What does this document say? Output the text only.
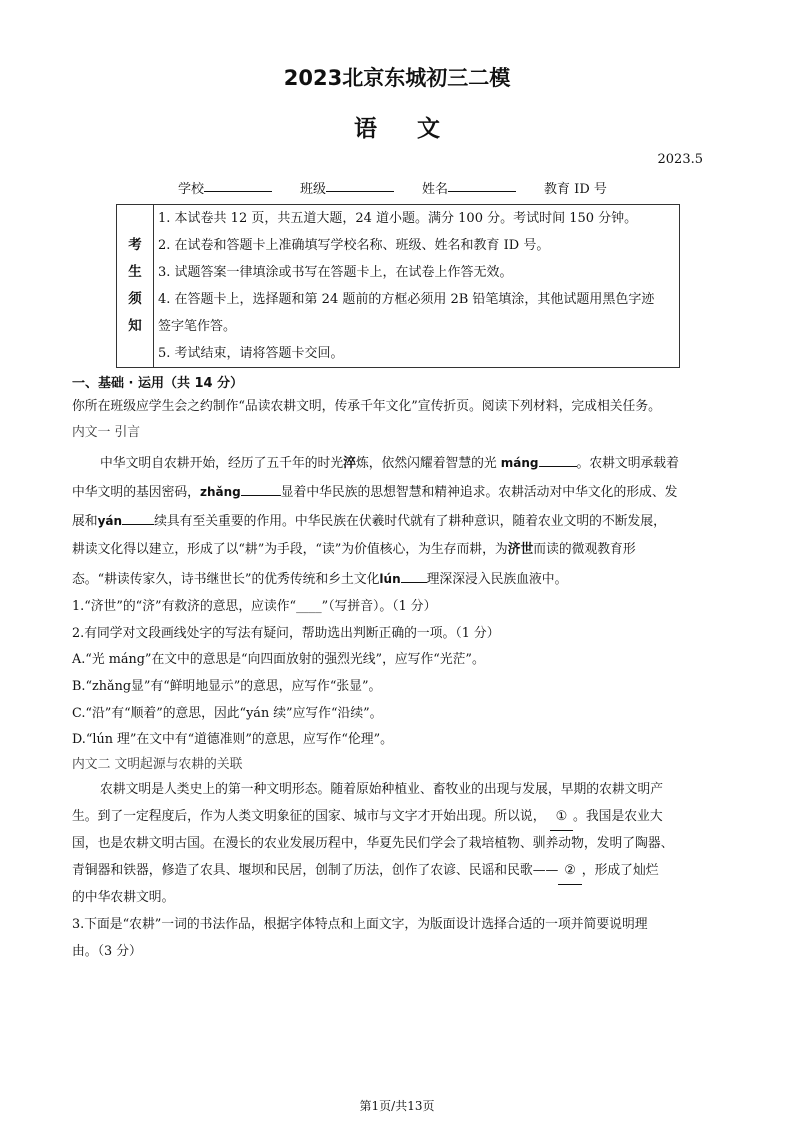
2023北京东城初三二模
语文
2023.5
学校	班级	姓名	教育 ID 号
考
生
须
知

1. 本试卷共 12 页，共五道大题，24 道小题。满分 100 分。考试时间 150 分钟。

2. 在试卷和答题卡上准确填写学校名称、班级、姓名和教育 ID 号。

3. 试题答案一律填涂或书写在答题卡上，在试卷上作答无效。

4. 在答题卡上，选择题和第 24 题前的方框必须用 2B 铅笔填涂，其他试题用黑色字迹

签字笔作答。

5. 考试结束，请将答题卡交回。
一、基础 · 运用（共 14 分）
你所在班级应学生会之约制作“品读农耕文明，传承千年文化”宣传折页。阅读下列材料，完成相关任务。
内文一 引言
中华文明自农耕开始，经历了五千年的时光淬炼，依然闪耀着智慧的光 máng	。农耕文明承载着
中华文明的基因密码，zhǎng	显着中华民族的思想智慧和精神追求。农耕活动对中华文化的形成、发
展和yán	续具有至关重要的作用。中华民族在伏羲时代就有了耕种意识，随着农业文明的不断发展，
耕读文化得以建立，形成了以“耕”为手段，“读”为价值核心，为生存而耕，为济世而读的微观教育形
态。“耕读传家久，诗书继世长”的优秀传统和乡土文化lún 理深深浸入民族血液中。
1.“济世”的“济”有救济的意思，应读作“____”（写拼音）。（1 分）
2.有同学对文段画线处字的写法有疑问，帮助选出判断正确的一项。（1 分）
A.“光 máng”在文中的意思是“向四面放射的强烈光线”，应写作“光茫”。
B.“zhǎng显”有“鲜明地显示”的意思，应写作“张显”。
C.“沿”有“顺着”的意思，因此“yán 续”应写作“沿续”。
D.“lún 理”在文中有“道德准则”的意思，应写作“伦理”。
内文二 文明起源与农耕的关联
农耕文明是人类史上的第一种文明形态。随着原始种植业、畜牧业的出现与发展，早期的农耕文明产
生。到了一定程度后，作为人类文明象征的国家、城市与文字才开始出现。所以说， ① 。我国是农业大
国，也是农耕文明古国。在漫长的农业发展历程中，华夏先民们学会了栽培植物、驯养动物，发明了陶器、
青铜器和铁器，修造了农具、堰坝和民居，创制了历法，创作了农谚、民谣和民歌—— ② ，形成了灿烂
的中华农耕文明。
3.下面是“农耕”一词的书法作品，根据字体特点和上面文字，为版面设计选择合适的一项并简要说明理
由。（3 分）
第1页/共13页
